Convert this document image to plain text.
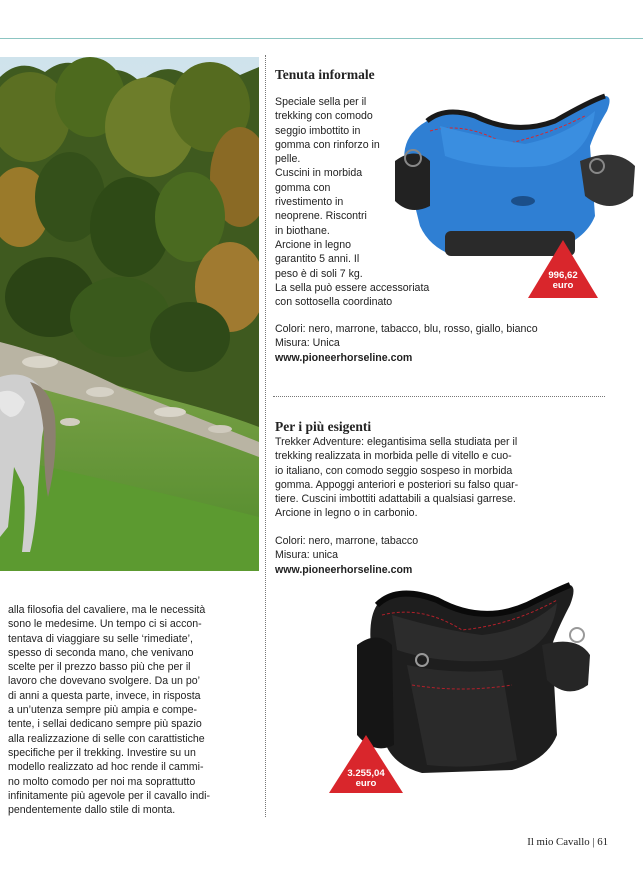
Tenuta informale
Speciale sella per il
trekking con comodo
seggio imbottito in
gomma con rinforzo in
pelle.
Cuscini in morbida
gomma con
rivestimento in
neoprene. Riscontri
in biothane.
Arcione in legno
garantito 5 anni. Il
peso è di soli 7 kg.
La sella può essere accessoriata
con sottosella coordinato
996,62
euro

Colori: nero, marrone, tabacco, blu, rosso, giallo, bianco

Misura: Unica

www.pioneerhorseline.com

Per i più esigenti
Trekker Adventure: elegantisima sella studiata per il
trekking realizzata in morbida pelle di vitello e cuo-
io italiano, con comodo seggio sospeso in morbida
gomma. Appoggi anteriori e posteriori su falso quar-
tiere. Cuscini imbottiti adattabili a qualsiasi garrese.
Arcione in legno o in carbonio.

Colori: nero, marrone, tabacco

Misura: unica

www.pioneerhorseline.com

3.255,04
euro
alla filosofia del cavaliere, ma le necessità
sono le medesime. Un tempo ci si accon-
tentava di viaggiare su selle ‘rimediate’,
spesso di seconda mano, che venivano
scelte per il prezzo basso più che per il
lavoro che dovevano svolgere. Da un po’
di anni a questa parte, invece, in risposta
a un’utenza sempre più ampia e compe-
tente, i sellai dedicano sempre più spazio
alla realizzazione di selle con carattistiche
specifiche per il trekking. Investire su un
modello realizzato ad hoc rende il cammi-
no molto comodo per noi ma soprattutto
infinitamente più agevole per il cavallo indi-
pendentemente dallo stile di monta.
Il mio Cavallo | 61
